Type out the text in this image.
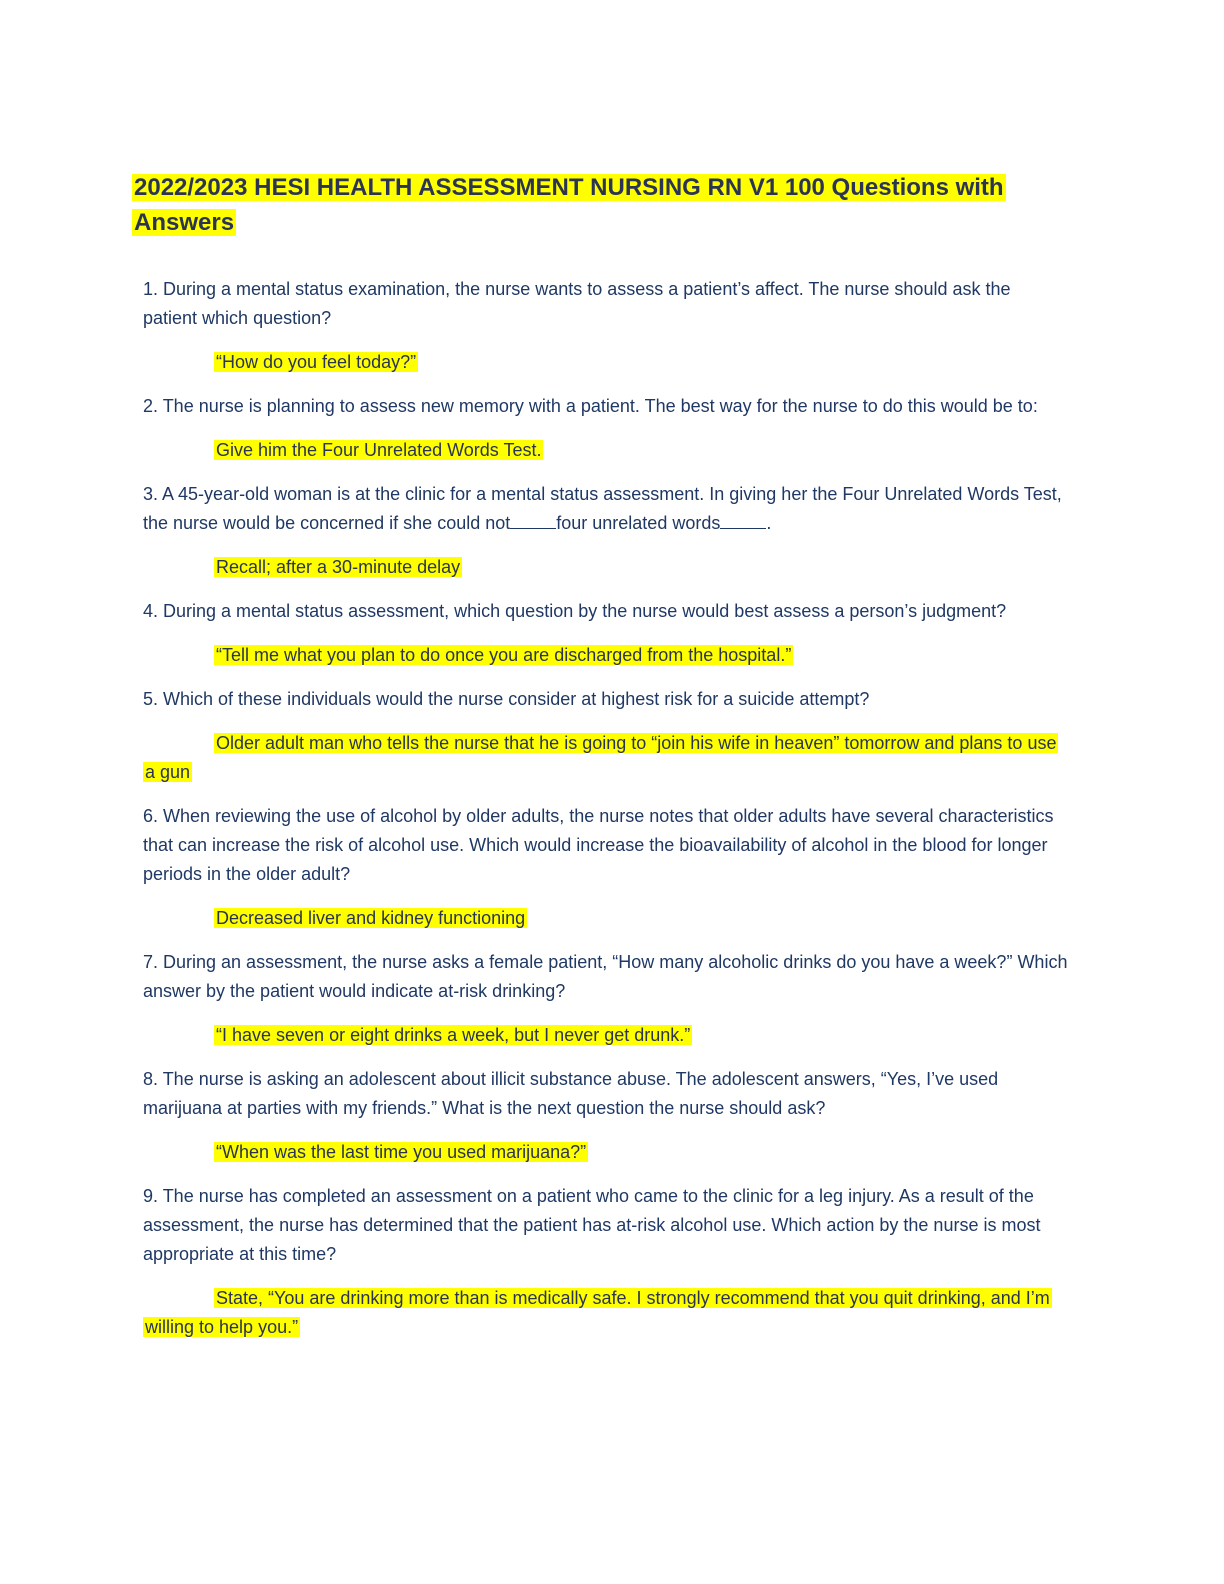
2022/2023 HESI HEALTH ASSESSMENT NURSING RN V1 100 Questions with Answers

1. During a mental status examination, the nurse wants to assess a patient’s affect. The nurse should ask the patient which question?

“How do you feel today?”

2. The nurse is planning to assess new memory with a patient. The best way for the nurse to do this would be to:

Give him the Four Unrelated Words Test.

3. A 45-year-old woman is at the clinic for a mental status assessment. In giving her the Four Unrelated Words Test, the nurse would be concerned if she could not	four unrelated words	.

Recall; after a 30-minute delay

4. During a mental status assessment, which question by the nurse would best assess a person’s judgment?

“Tell me what you plan to do once you are discharged from the hospital.”

5. Which of these individuals would the nurse consider at highest risk for a suicide attempt?

Older adult man who tells the nurse that he is going to “join his wife in heaven” tomorrow and plans to use a gun

6. When reviewing the use of alcohol by older adults, the nurse notes that older adults have several characteristics that can increase the risk of alcohol use. Which would increase the bioavailability of alcohol in the blood for longer periods in the older adult?

Decreased liver and kidney functioning

7. During an assessment, the nurse asks a female patient, “How many alcoholic drinks do you have a week?” Which answer by the patient would indicate at-risk drinking?

“I have seven or eight drinks a week, but I never get drunk.”

8. The nurse is asking an adolescent about illicit substance abuse. The adolescent answers, “Yes, I’ve used marijuana at parties with my friends.” What is the next question the nurse should ask?

“When was the last time you used marijuana?”

9. The nurse has completed an assessment on a patient who came to the clinic for a leg injury. As a result of the assessment, the nurse has determined that the patient has at-risk alcohol use. Which action by the nurse is most appropriate at this time?

State, “You are drinking more than is medically safe. I strongly recommend that you quit drinking, and I’m willing to help you.”
